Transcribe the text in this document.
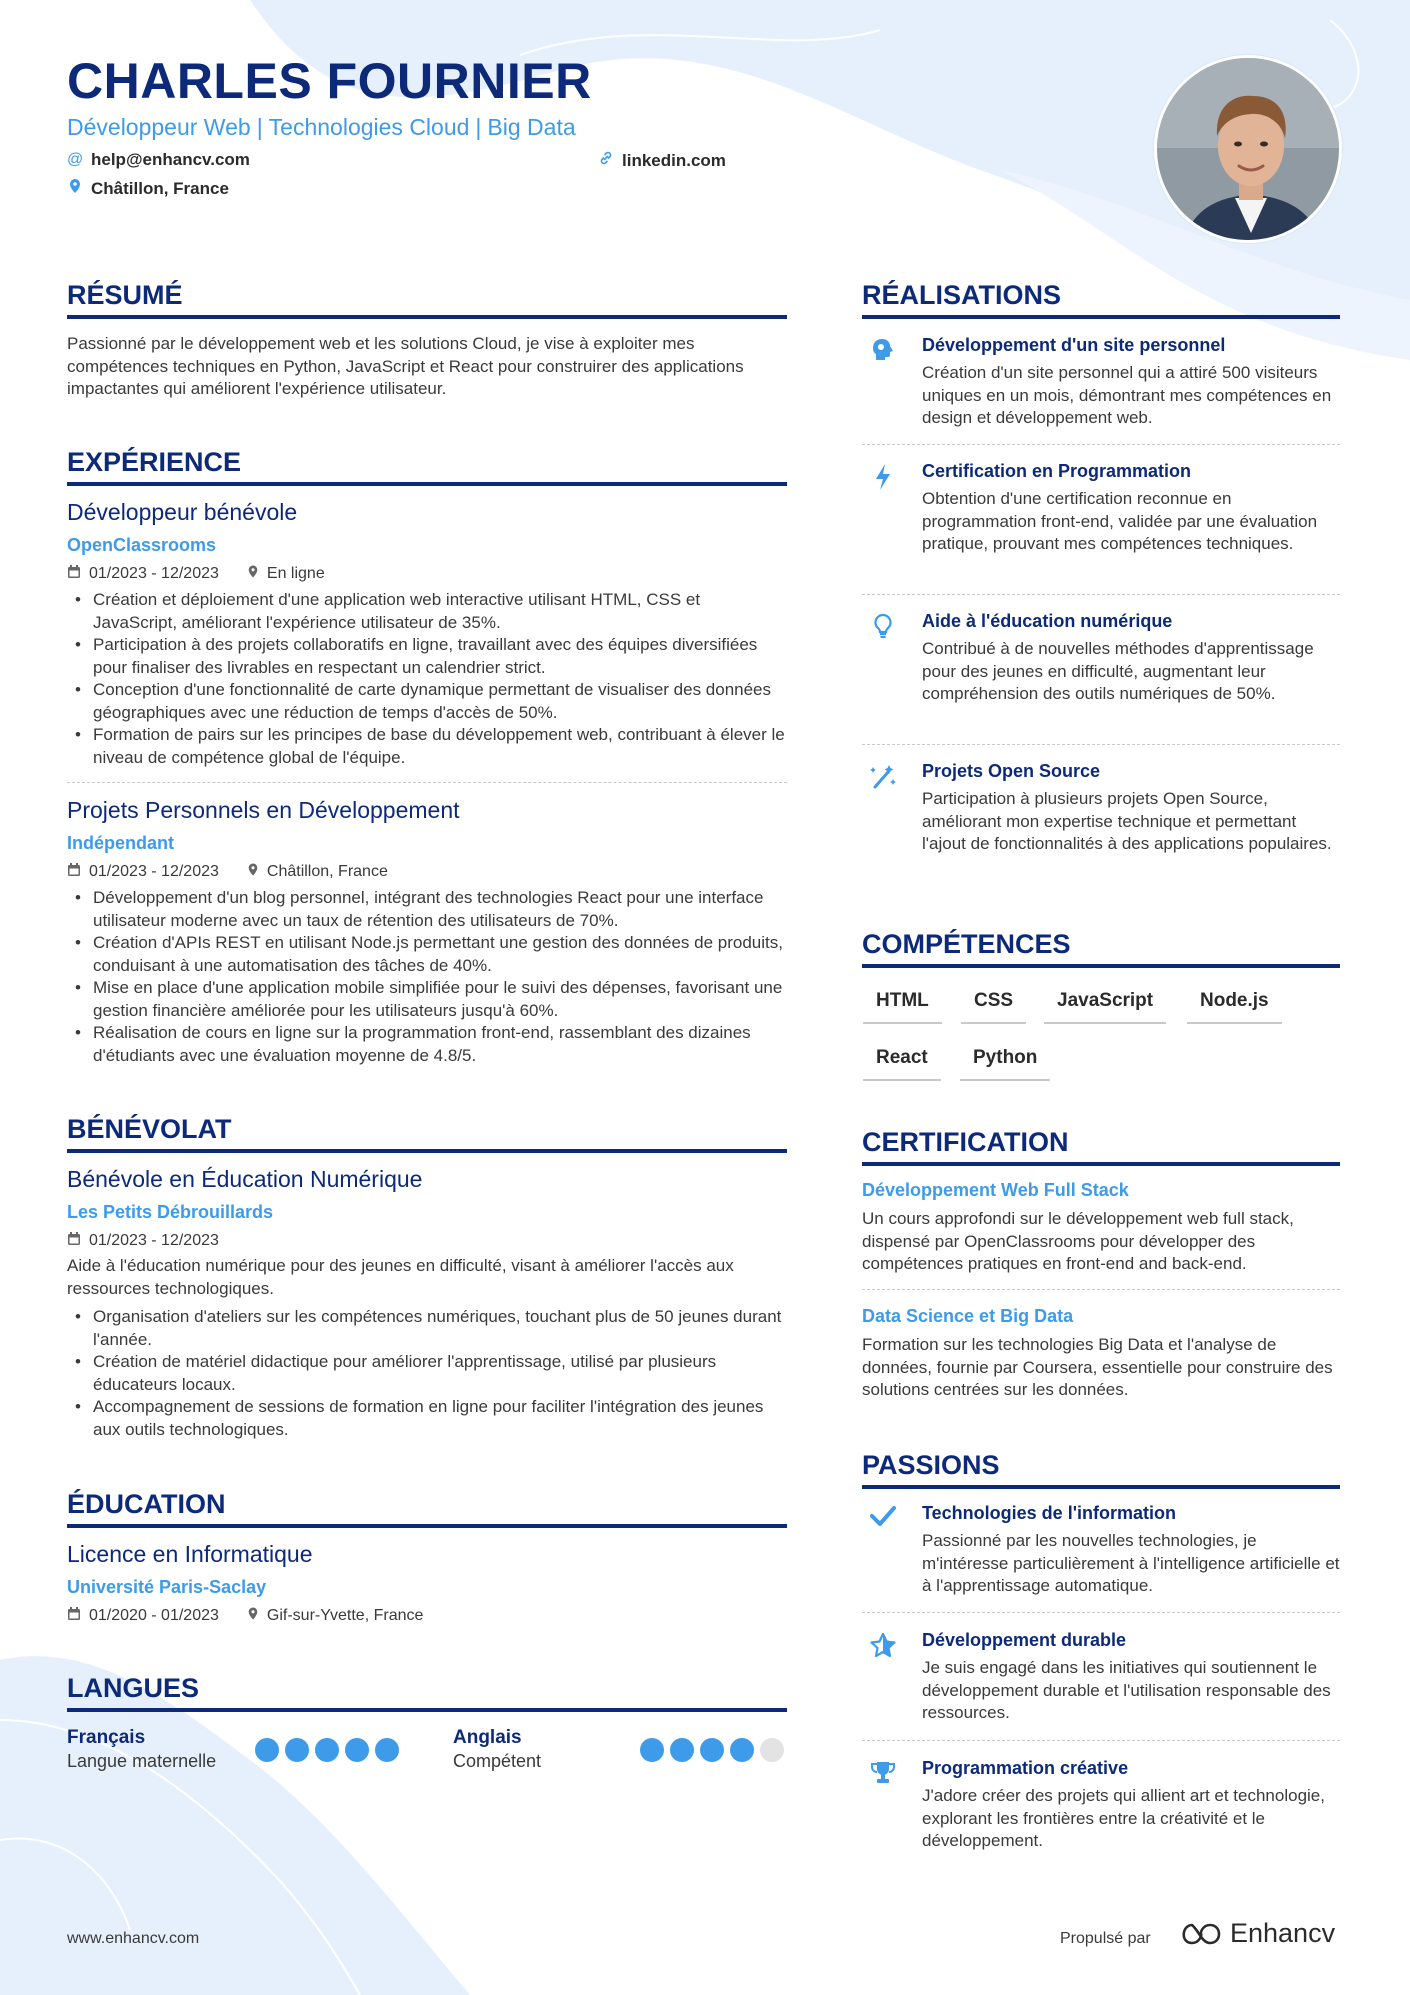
CHARLES FOURNIER
Développeur Web | Technologies Cloud | Big Data
@ help@enhancv.com	linkedin.com
Châtillon, France
RÉSUMÉ
Passionné par le développement web et les solutions Cloud, je vise à exploiter mes compétences techniques en Python, JavaScript et React pour construirer des applications impactantes qui améliorent l'expérience utilisateur.
EXPÉRIENCE
Développeur bénévole
OpenClassrooms
01/2023 - 12/2023	En ligne
• Création et déploiement d'une application web interactive utilisant HTML, CSS et JavaScript, améliorant l'expérience utilisateur de 35%.
• Participation à des projets collaboratifs en ligne, travaillant avec des équipes diversifiées pour finaliser des livrables en respectant un calendrier strict.
• Conception d'une fonctionnalité de carte dynamique permettant de visualiser des données géographiques avec une réduction de temps d'accès de 50%.
• Formation de pairs sur les principes de base du développement web, contribuant à élever le niveau de compétence global de l'équipe.
Projets Personnels en Développement
Indépendant
01/2023 - 12/2023	Châtillon, France
• Développement d'un blog personnel, intégrant des technologies React pour une interface utilisateur moderne avec un taux de rétention des utilisateurs de 70%.
• Création d'APIs REST en utilisant Node.js permettant une gestion des données de produits, conduisant à une automatisation des tâches de 40%.
• Mise en place d'une application mobile simplifiée pour le suivi des dépenses, favorisant une gestion financière améliorée pour les utilisateurs jusqu'à 60%.
• Réalisation de cours en ligne sur la programmation front-end, rassemblant des dizaines d'étudiants avec une évaluation moyenne de 4.8/5.
BÉNÉVOLAT
Bénévole en Éducation Numérique
Les Petits Débrouillards
01/2023 - 12/2023
Aide à l'éducation numérique pour des jeunes en difficulté, visant à améliorer l'accès aux ressources technologiques.
• Organisation d'ateliers sur les compétences numériques, touchant plus de 50 jeunes durant l'année.
• Création de matériel didactique pour améliorer l'apprentissage, utilisé par plusieurs éducateurs locaux.
• Accompagnement de sessions de formation en ligne pour faciliter l'intégration des jeunes aux outils technologiques.
ÉDUCATION
Licence en Informatique
Université Paris-Saclay
01/2020 - 01/2023	Gif-sur-Yvette, France
LANGUES
Français
Langue maternelle
Anglais
Compétent
RÉALISATIONS
Développement d'un site personnel
Création d'un site personnel qui a attiré 500 visiteurs uniques en un mois, démontrant mes compétences en design et développement web.
Certification en Programmation
Obtention d'une certification reconnue en programmation front-end, validée par une évaluation pratique, prouvant mes compétences techniques.
Aide à l'éducation numérique
Contribué à de nouvelles méthodes d'apprentissage pour des jeunes en difficulté, augmentant leur compréhension des outils numériques de 50%.
Projets Open Source
Participation à plusieurs projets Open Source, améliorant mon expertise technique et permettant l'ajout de fonctionnalités à des applications populaires.
COMPÉTENCES
HTML	CSS	JavaScript	Node.js
React	Python
CERTIFICATION
Développement Web Full Stack
Un cours approfondi sur le développement web full stack, dispensé par OpenClassrooms pour développer des compétences pratiques en front-end and back-end.
Data Science et Big Data
Formation sur les technologies Big Data et l'analyse de données, fournie par Coursera, essentielle pour construire des solutions centrées sur les données.
PASSIONS
Technologies de l'information
Passionné par les nouvelles technologies, je m'intéresse particulièrement à l'intelligence artificielle et à l'apprentissage automatique.
Développement durable
Je suis engagé dans les initiatives qui soutiennent le développement durable et l'utilisation responsable des ressources.
Programmation créative
J'adore créer des projets qui allient art et technologie, explorant les frontières entre la créativité et le développement.
www.enhancv.com	Propulsé par	Enhancv
